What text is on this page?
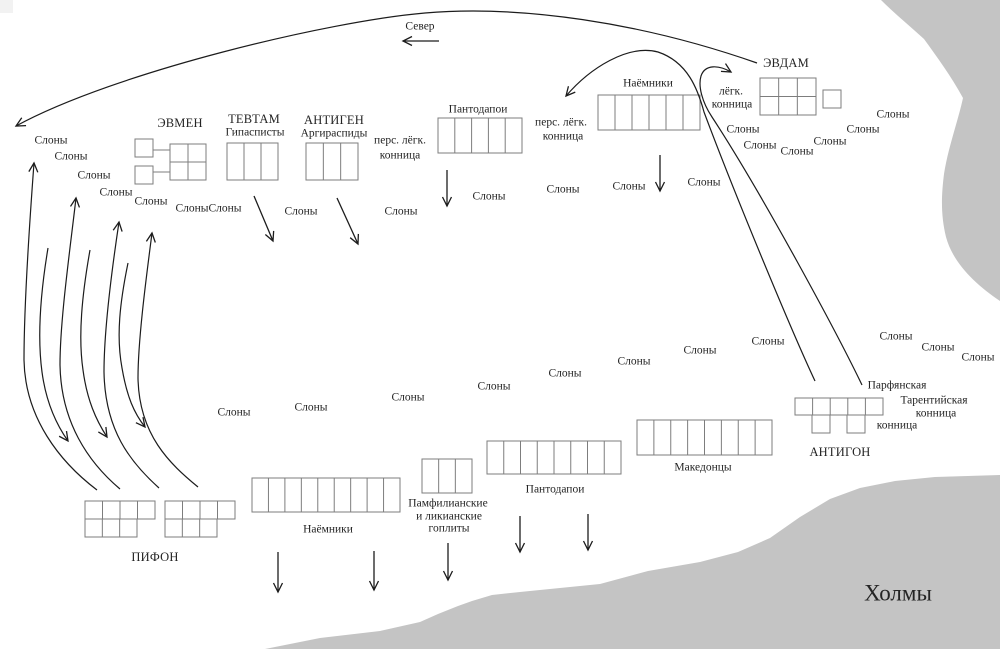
ЭВМЕН ТЕВТАМ
Гипасписты
АНТИГЕН
Аргираспиды
Пантодапои
перс. лёгк.
конница
перс. лёгк.
конница
Наёмники
лёгк.
конница
ЭВДАМ
ПИФОН
Наёмники
Памфилианские
и ликианские
гоплиты
Пантодапои
Македонцы
АНТИГОН
Парфянская
конница
Тарентийская
конница
Слоны
Слоны
Слоны
Слоны
Слоны
Слоны Слоны	Слоны	Слоны
Слоны
Слоны	Слоны	Слоны
Слоны
Слоны Слоны
Слоны
Слоны
Слоны
Слоны	Слоны
Слоны
Слоны
Слоны
Слоны
Слоны
Слоны	Слоны
Слоны
Слоны
Север
Холмы
